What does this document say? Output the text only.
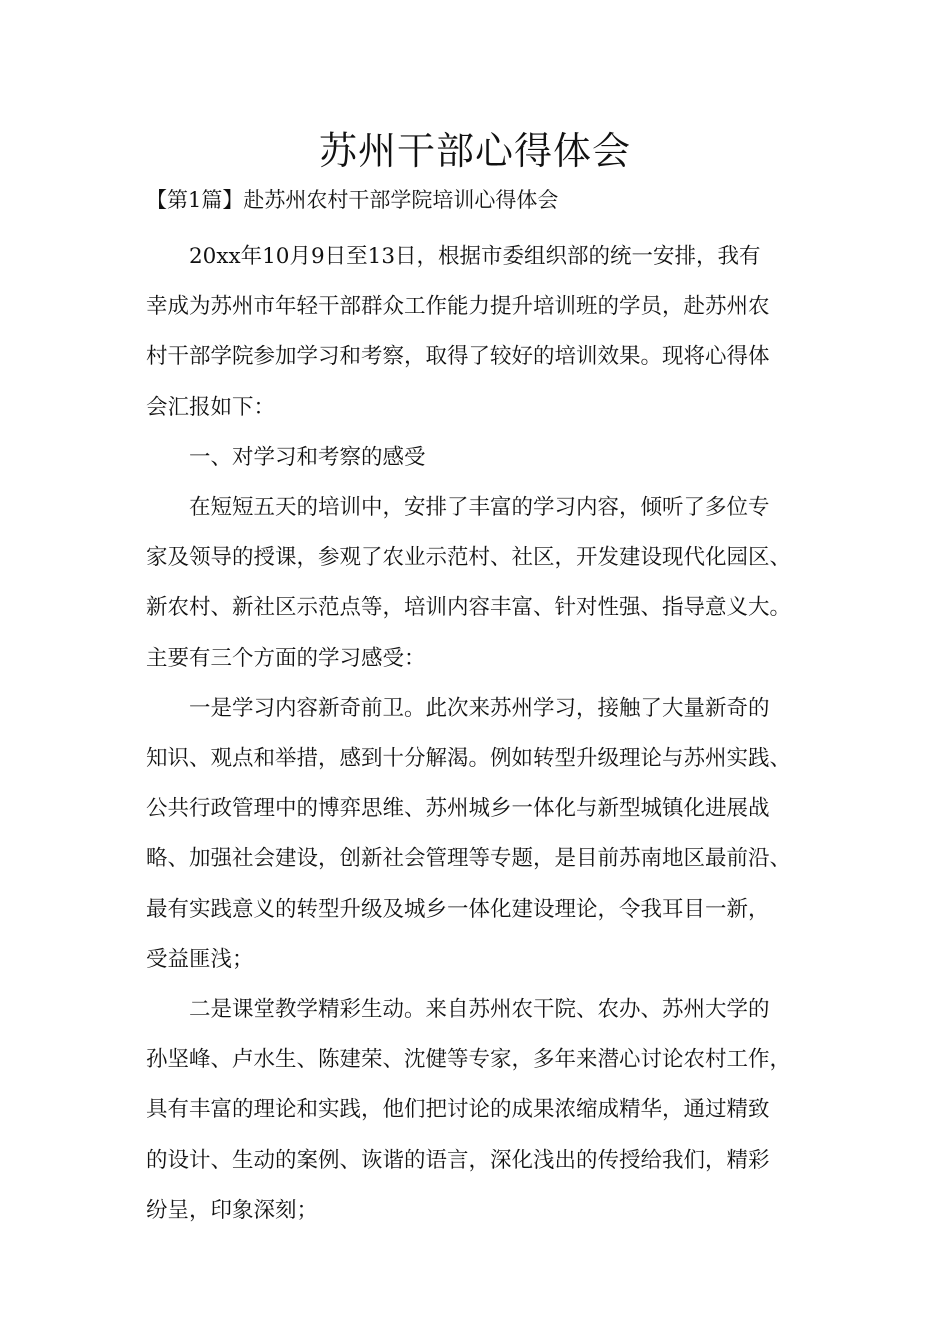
苏州干部心得体会

【第1篇】赴苏州农村干部学院培训心得体会

20xx年10月9日至13日，根据市委组织部的统一安排，我有
幸成为苏州市年轻干部群众工作能力提升培训班的学员，赴苏州农
村干部学院参加学习和考察，取得了较好的培训效果。现将心得体
会汇报如下：

一、对学习和考察的感受

在短短五天的培训中，安排了丰富的学习内容，倾听了多位专
家及领导的授课，参观了农业示范村、社区，开发建设现代化园区、
新农村、新社区示范点等，培训内容丰富、针对性强、指导意义大。
主要有三个方面的学习感受：

一是学习内容新奇前卫。此次来苏州学习，接触了大量新奇的
知识、观点和举措，感到十分解渴。例如转型升级理论与苏州实践、
公共行政管理中的博弈思维、苏州城乡一体化与新型城镇化进展战
略、加强社会建设，创新社会管理等专题，是目前苏南地区最前沿、
最有实践意义的转型升级及城乡一体化建设理论，令我耳目一新，
受益匪浅；

二是课堂教学精彩生动。来自苏州农干院、农办、苏州大学的
孙坚峰、卢水生、陈建荣、沈健等专家，多年来潜心讨论农村工作，
具有丰富的理论和实践，他们把讨论的成果浓缩成精华，通过精致
的设计、生动的案例、诙谐的语言，深化浅出的传授给我们，精彩
纷呈，印象深刻；
